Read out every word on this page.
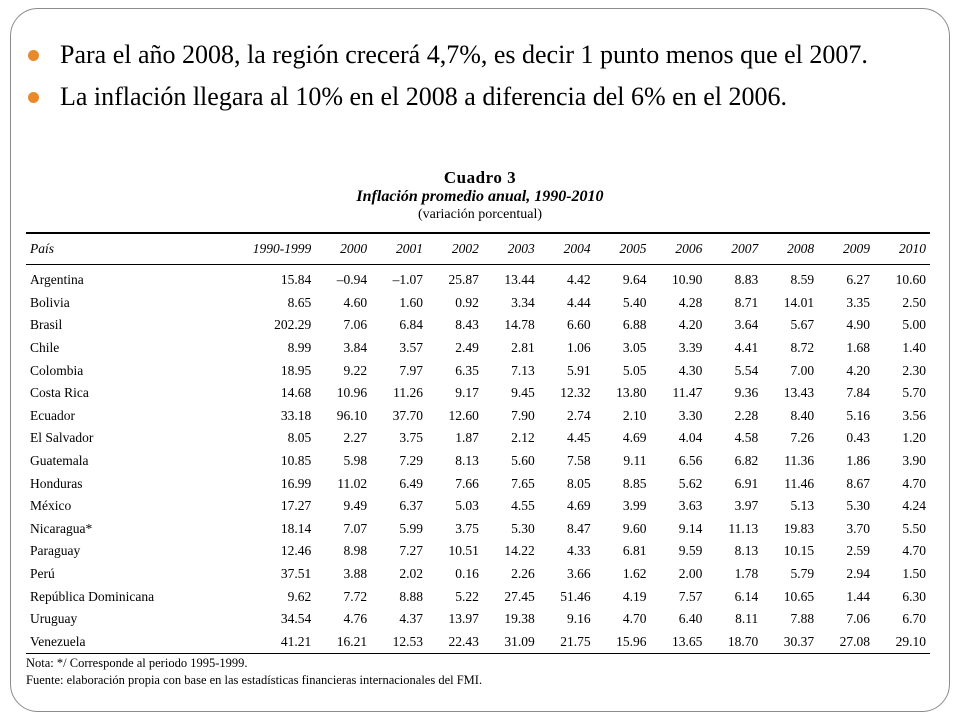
Para el año 2008, la región crecerá 4,7%, es decir 1 punto menos que el 2007.
La inflación llegara al 10% en el 2008 a diferencia del 6% en el 2006.
Cuadro 3
Inflación promedio anual, 1990-2010
(variación porcentual)
País	1990-1999	2000	2001	2002	2003	2004	2005	2006	2007	2008	2009	2010
Argentina	15.84	–0.94	–1.07	25.87	13.44	4.42	9.64	10.90	8.83	8.59	6.27	10.60
Bolivia	8.65	4.60	1.60	0.92	3.34	4.44	5.40	4.28	8.71	14.01	3.35	2.50
Brasil	202.29	7.06	6.84	8.43	14.78	6.60	6.88	4.20	3.64	5.67	4.90	5.00
Chile	8.99	3.84	3.57	2.49	2.81	1.06	3.05	3.39	4.41	8.72	1.68	1.40
Colombia	18.95	9.22	7.97	6.35	7.13	5.91	5.05	4.30	5.54	7.00	4.20	2.30
Costa Rica	14.68	10.96	11.26	9.17	9.45	12.32	13.80	11.47	9.36	13.43	7.84	5.70
Ecuador	33.18	96.10	37.70	12.60	7.90	2.74	2.10	3.30	2.28	8.40	5.16	3.56
El Salvador	8.05	2.27	3.75	1.87	2.12	4.45	4.69	4.04	4.58	7.26	0.43	1.20
Guatemala	10.85	5.98	7.29	8.13	5.60	7.58	9.11	6.56	6.82	11.36	1.86	3.90
Honduras	16.99	11.02	6.49	7.66	7.65	8.05	8.85	5.62	6.91	11.46	8.67	4.70
México	17.27	9.49	6.37	5.03	4.55	4.69	3.99	3.63	3.97	5.13	5.30	4.24
Nicaragua*	18.14	7.07	5.99	3.75	5.30	8.47	9.60	9.14	11.13	19.83	3.70	5.50
Paraguay	12.46	8.98	7.27	10.51	14.22	4.33	6.81	9.59	8.13	10.15	2.59	4.70
Perú	37.51	3.88	2.02	0.16	2.26	3.66	1.62	2.00	1.78	5.79	2.94	1.50
República Dominicana	9.62	7.72	8.88	5.22	27.45	51.46	4.19	7.57	6.14	10.65	1.44	6.30
Uruguay	34.54	4.76	4.37	13.97	19.38	9.16	4.70	6.40	8.11	7.88	7.06	6.70
Venezuela	41.21	16.21	12.53	22.43	31.09	21.75	15.96	13.65	18.70	30.37	27.08	29.10
Nota: */ Corresponde al periodo 1995-1999.
Fuente: elaboración propia con base en las estadísticas financieras internacionales del FMI.
